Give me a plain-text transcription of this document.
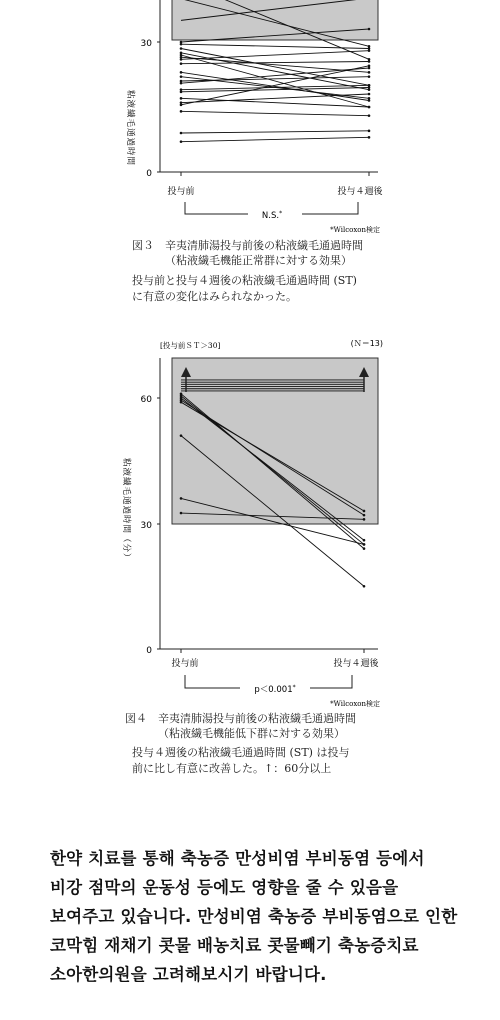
30
0
粘液繊毛通過時間
投与前	投与４週後
N.S.*
*Wilcoxon検定
図３　辛夷清肺湯投与前後の粘液繊毛通過時間
（粘液繊毛機能正常群に対する効果）
投与前と投与４週後の粘液繊毛通過時間 (ST)
に有意の変化はみられなかった。
[投与前ＳＴ＞30]	(Ｎ＝13)
60
30
0
粘液繊毛通過時間（分）
投与前	投与４週後
p＜0.001*
*Wilcoxon検定
図４　辛夷清肺湯投与前後の粘液繊毛通過時間
（粘液繊毛機能低下群に対する効果）
投与４週後の粘液繊毛通過時間 (ST) は投与
前に比し有意に改善した。↑：60分以上
한약 치료를 통해 축농증 만성비염 부비동염 등에서 비강 점막의 운동성 등에도 영향을 줄 수 있음을 보여주고 있습니다. 만성비염 축농증 부비동염으로 인한 코막힘 재채기 콧물 배농치료 콧물빼기 축농증치료 소아한의원을 고려해보시기 바랍니다.
